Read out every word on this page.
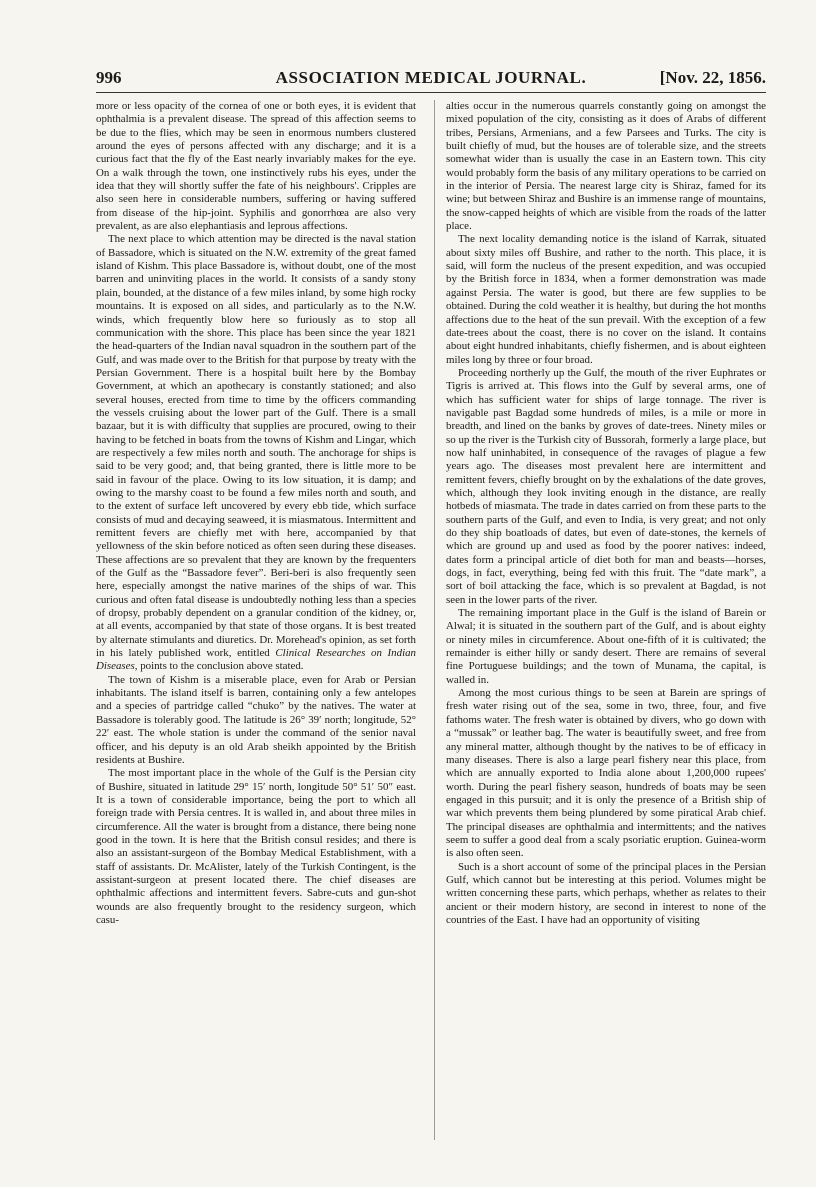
996	ASSOCIATION MEDICAL JOURNAL.	[Nov. 22, 1856.

more or less opacity of the cornea of one or both eyes, it is evident that ophthalmia is a prevalent disease. The spread of this affection seems to be due to the flies, which may be seen in enormous numbers clustered around the eyes of persons affected with any discharge; and it is a curious fact that the fly of the East nearly invariably makes for the eye. On a walk through the town, one instinctively rubs his eyes, under the idea that they will shortly suffer the fate of his neighbours'. Cripples are also seen here in considerable numbers, suffering or having suffered from disease of the hip-joint. Syphilis and gonorrhœa are also very prevalent, as are also elephantiasis and leprous affections.

The next place to which attention may be directed is the naval station of Bassadore, which is situated on the N.W. extremity of the great famed island of Kishm. This place Bassadore is, without doubt, one of the most barren and uninviting places in the world. It consists of a sandy stony plain, bounded, at the distance of a few miles inland, by some high rocky mountains. It is exposed on all sides, and particularly as to the N.W. winds, which frequently blow here so furiously as to stop all communication with the shore. This place has been since the year 1821 the head-quarters of the Indian naval squadron in the southern part of the Gulf, and was made over to the British for that purpose by treaty with the Persian Government. There is a hospital built here by the Bombay Government, at which an apothecary is constantly stationed; and also several houses, erected from time to time by the officers commanding the vessels cruising about the lower part of the Gulf. There is a small bazaar, but it is with difficulty that supplies are procured, owing to their having to be fetched in boats from the towns of Kishm and Lingar, which are respectively a few miles north and south. The anchorage for ships is said to be very good; and, that being granted, there is little more to be said in favour of the place. Owing to its low situation, it is damp; and owing to the marshy coast to be found a few miles north and south, and to the extent of surface left uncovered by every ebb tide, which surface consists of mud and decaying seaweed, it is miasmatous. Intermittent and remittent fevers are chiefly met with here, accompanied by that yellowness of the skin before noticed as often seen during these diseases. These affections are so prevalent that they are known by the frequenters of the Gulf as the “Bassadore fever”. Beri-beri is also frequently seen here, especially amongst the native marines of the ships of war. This curious and often fatal disease is undoubtedly nothing less than a species of dropsy, probably dependent on a granular condition of the kidney, or, at all events, accompanied by that state of those organs. It is best treated by alternate stimulants and diuretics. Dr. Morehead's opinion, as set forth in his lately published work, entitled Clinical Researches on Indian Diseases, points to the conclusion above stated.

The town of Kishm is a miserable place, even for Arab or Persian inhabitants. The island itself is barren, containing only a few antelopes and a species of partridge called “chuko” by the natives. The water at Bassadore is tolerably good. The latitude is 26° 39′ north; longitude, 52° 22′ east. The whole station is under the command of the senior naval officer, and his deputy is an old Arab sheikh appointed by the British residents at Bushire.

The most important place in the whole of the Gulf is the Persian city of Bushire, situated in latitude 29° 15′ north, longitude 50° 51′ 50″ east. It is a town of considerable importance, being the port to which all foreign trade with Persia centres. It is walled in, and about three miles in circumference. All the water is brought from a distance, there being none good in the town. It is here that the British consul resides; and there is also an assistant-surgeon of the Bombay Medical Establishment, with a staff of assistants. Dr. McAlister, lately of the Turkish Contingent, is the assistant-surgeon at present located there. The chief diseases are ophthalmic affections and intermittent fevers. Sabre-cuts and gun-shot wounds are also frequently brought to the residency surgeon, which casu-

alties occur in the numerous quarrels constantly going on amongst the mixed population of the city, consisting as it does of Arabs of different tribes, Persians, Armenians, and a few Parsees and Turks. The city is built chiefly of mud, but the houses are of tolerable size, and the streets somewhat wider than is usually the case in an Eastern town. This city would probably form the basis of any military operations to be carried on in the interior of Persia. The nearest large city is Shiraz, famed for its wine; but between Shiraz and Bushire is an immense range of mountains, the snow-capped heights of which are visible from the roads of the latter place.

The next locality demanding notice is the island of Karrak, situated about sixty miles off Bushire, and rather to the north. This place, it is said, will form the nucleus of the present expedition, and was occupied by the British force in 1834, when a former demonstration was made against Persia. The water is good, but there are few supplies to be obtained. During the cold weather it is healthy, but during the hot months affections due to the heat of the sun prevail. With the exception of a few date-trees about the coast, there is no cover on the island. It contains about eight hundred inhabitants, chiefly fishermen, and is about eighteen miles long by three or four broad.

Proceeding northerly up the Gulf, the mouth of the river Euphrates or Tigris is arrived at. This flows into the Gulf by several arms, one of which has sufficient water for ships of large tonnage. The river is navigable past Bagdad some hundreds of miles, is a mile or more in breadth, and lined on the banks by groves of date-trees. Ninety miles or so up the river is the Turkish city of Bussorah, formerly a large place, but now half uninhabited, in consequence of the ravages of plague a few years ago. The diseases most prevalent here are intermittent and remittent fevers, chiefly brought on by the exhalations of the date groves, which, although they look inviting enough in the distance, are really hotbeds of miasmata. The trade in dates carried on from these parts to the southern parts of the Gulf, and even to India, is very great; and not only do they ship boatloads of dates, but even of date-stones, the kernels of which are ground up and used as food by the poorer natives: indeed, dates form a principal article of diet both for man and beasts—horses, dogs, in fact, everything, being fed with this fruit. The “date mark”, a sort of boil attacking the face, which is so prevalent at Bagdad, is not seen in the lower parts of the river.

The remaining important place in the Gulf is the island of Barein or Alwal; it is situated in the southern part of the Gulf, and is about eighty or ninety miles in circumference. About one-fifth of it is cultivated; the remainder is either hilly or sandy desert. There are remains of several fine Portuguese buildings; and the town of Munama, the capital, is walled in.

Among the most curious things to be seen at Barein are springs of fresh water rising out of the sea, some in two, three, four, and five fathoms water. The fresh water is obtained by divers, who go down with a “mussak” or leather bag. The water is beautifully sweet, and free from any mineral matter, although thought by the natives to be of efficacy in many diseases. There is also a large pearl fishery near this place, from which are annually exported to India alone about 1,200,000 rupees' worth. During the pearl fishery season, hundreds of boats may be seen engaged in this pursuit; and it is only the presence of a British ship of war which prevents them being plundered by some piratical Arab chief. The principal diseases are ophthalmia and intermittents; and the natives seem to suffer a good deal from a scaly psoriatic eruption. Guinea-worm is also often seen.

Such is a short account of some of the principal places in the Persian Gulf, which cannot but be interesting at this period. Volumes might be written concerning these parts, which perhaps, whether as relates to their ancient or their modern history, are second in interest to none of the countries of the East. I have had an opportunity of visiting
